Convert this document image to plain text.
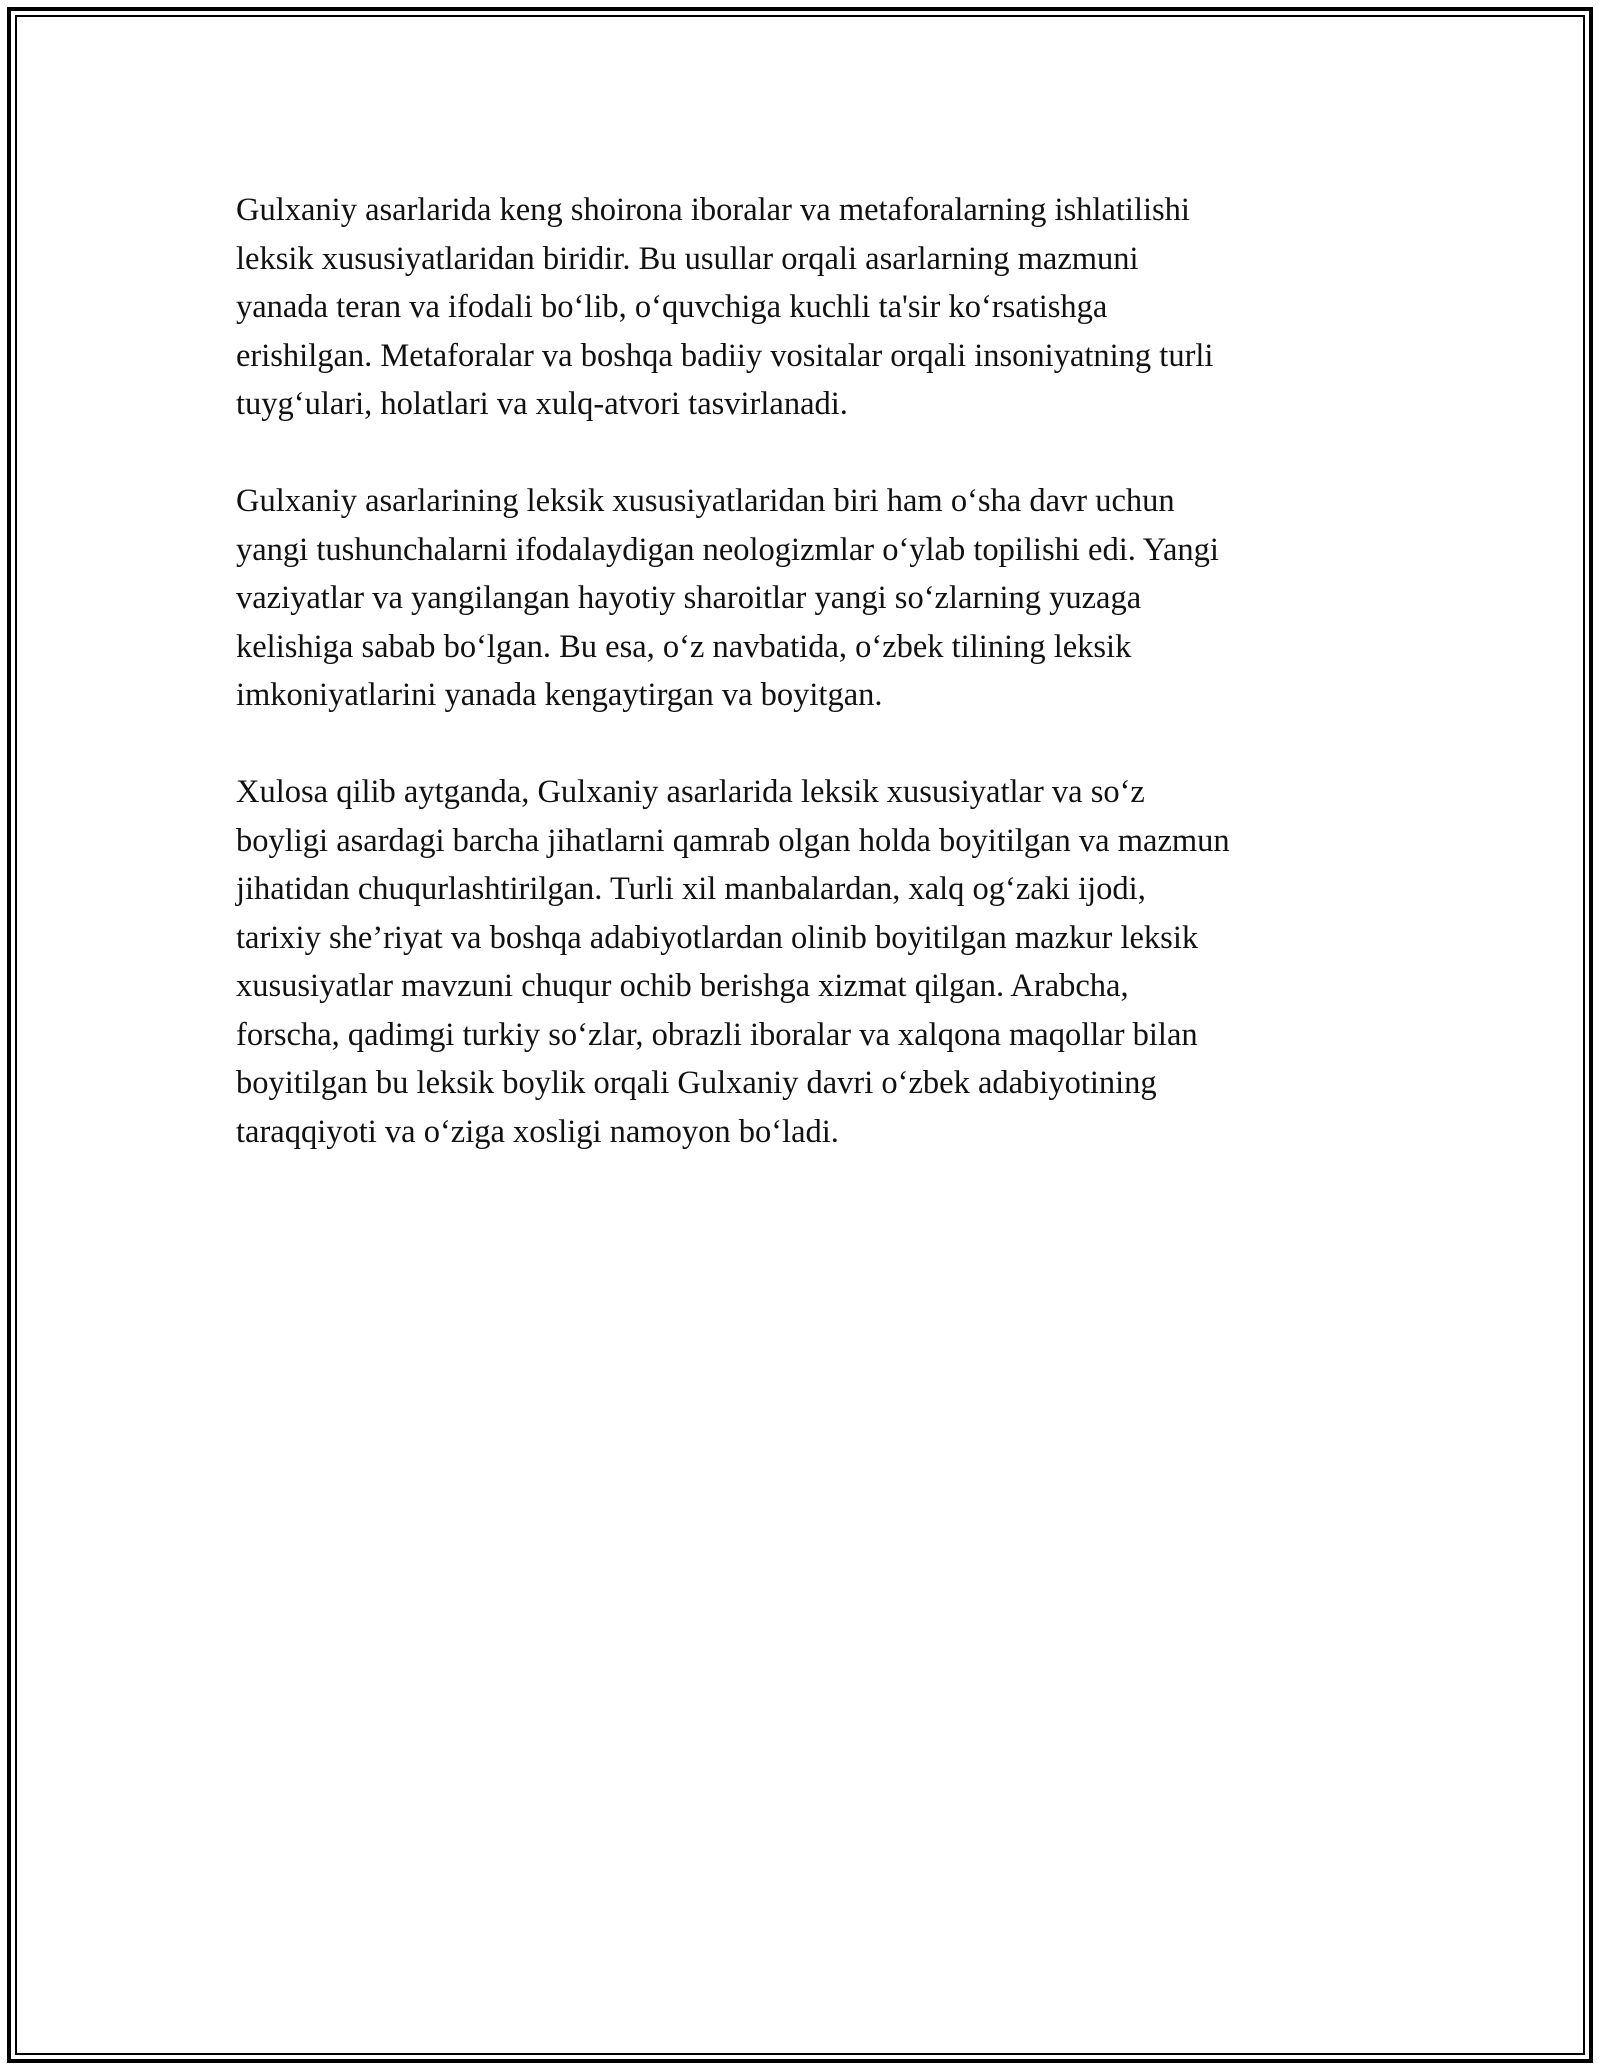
Gulxaniy asarlarida keng shoirona iboralar va metaforalarning ishlatilishi
leksik xususiyatlaridan biridir. Bu usullar orqali asarlarning mazmuni
yanada teran va ifodali bo‘lib, o‘quvchiga kuchli ta'sir ko‘rsatishga
erishilgan. Metaforalar va boshqa badiiy vositalar orqali insoniyatning turli
tuyg‘ulari, holatlari va xulq-atvori tasvirlanadi.

Gulxaniy asarlarining leksik xususiyatlaridan biri ham o‘sha davr uchun
yangi tushunchalarni ifodalaydigan neologizmlar o‘ylab topilishi edi. Yangi
vaziyatlar va yangilangan hayotiy sharoitlar yangi so‘zlarning yuzaga
kelishiga sabab bo‘lgan. Bu esa, o‘z navbatida, o‘zbek tilining leksik
imkoniyatlarini yanada kengaytirgan va boyitgan.

Xulosa qilib aytganda, Gulxaniy asarlarida leksik xususiyatlar va so‘z
boyligi asardagi barcha jihatlarni qamrab olgan holda boyitilgan va mazmun
jihatidan chuqurlashtirilgan. Turli xil manbalardan, xalq og‘zaki ijodi,
tarixiy she’riyat va boshqa adabiyotlardan olinib boyitilgan mazkur leksik
xususiyatlar mavzuni chuqur ochib berishga xizmat qilgan. Arabcha,
forscha, qadimgi turkiy so‘zlar, obrazli iboralar va xalqona maqollar bilan
boyitilgan bu leksik boylik orqali Gulxaniy davri o‘zbek adabiyotining
taraqqiyoti va o‘ziga xosligi namoyon bo‘ladi.
